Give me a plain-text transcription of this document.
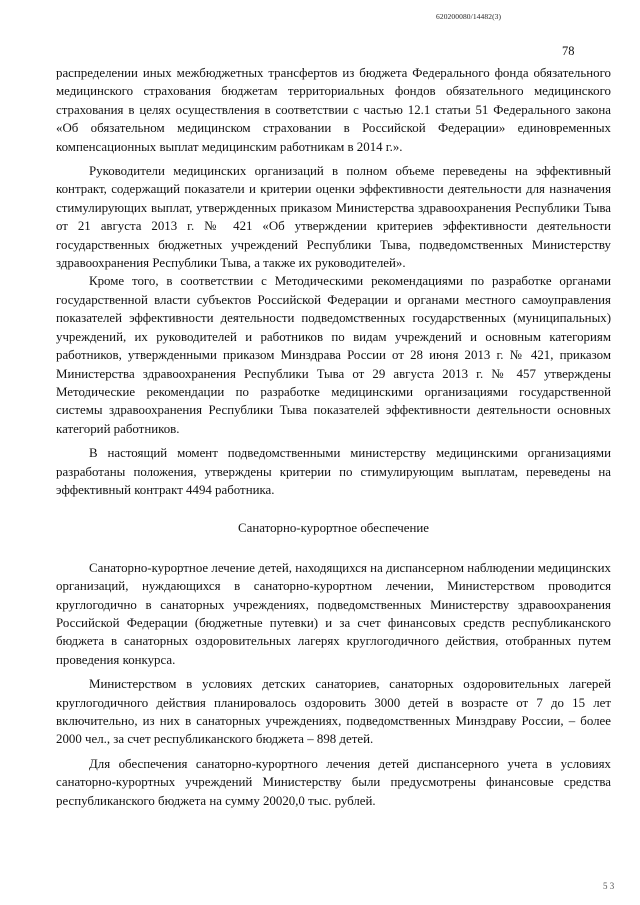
620200080/14482(3)
78

распределении иных межбюджетных трансфертов из бюджета Федерального фонда обязательного медицинского страхования бюджетам территориальных фондов обязательного медицинского страхования в целях осуществления в соответствии с частью 12.1 статьи 51 Федерального закона «Об обязательном медицинском страховании в Российской Федерации» единовременных компенсационных выплат медицинским работникам в 2014 г.».

Руководители медицинских организаций в полном объеме переведены на эффективный контракт, содержащий показатели и критерии оценки эффективности деятельности для назначения стимулирующих выплат, утвержденных приказом Министерства здравоохранения Республики Тыва от 21 августа 2013 г. № 421 «Об утверждении критериев эффективности деятельности государственных бюджетных учреждений Республики Тыва, подведомственных Министерству здравоохранения Республики Тыва, а также их руководителей».

Кроме того, в соответствии с Методическими рекомендациями по разработке органами государственной власти субъектов Российской Федерации и органами местного самоуправления показателей эффективности деятельности подведомственных государственных (муниципальных) учреждений, их руководителей и работников по видам учреждений и основным категориям работников, утвержденными приказом Минздрава России от 28 июня 2013 г. № 421, приказом Министерства здравоохранения Республики Тыва от 29 августа 2013 г. № 457 утверждены Методические рекомендации по разработке медицинскими организациями государственной системы здравоохранения Республики Тыва показателей эффективности деятельности основных категорий работников.

В настоящий момент подведомственными министерству медицинскими организациями разработаны положения, утверждены критерии по стимулирующим выплатам, переведены на эффективный контракт 4494 работника.

Санаторно-курортное обеспечение

Санаторно-курортное лечение детей, находящихся на диспансерном наблюдении медицинских организаций, нуждающихся в санаторно-курортном лечении, Министерством проводится круглогодично в санаторных учреждениях, подведомственных Министерству здравоохранения Российской Федерации (бюджетные путевки) и за счет финансовых средств республиканского бюджета в санаторных оздоровительных лагерях круглогодичного действия, отобранных путем проведения конкурса.

Министерством в условиях детских санаториев, санаторных оздоровительных лагерей круглогодичного действия планировалось оздоровить 3000 детей в возрасте от 7 до 15 лет включительно, из них в санаторных учреждениях, подведомственных Минздраву России, – более 2000 чел., за счет республиканского бюджета – 898 детей.

Для обеспечения санаторно-курортного лечения детей диспансерного учета в условиях санаторно-курортных учреждений Министерству были предусмотрены финансовые средства республиканского бюджета на сумму 20020,0 тыс. рублей.

5 3
